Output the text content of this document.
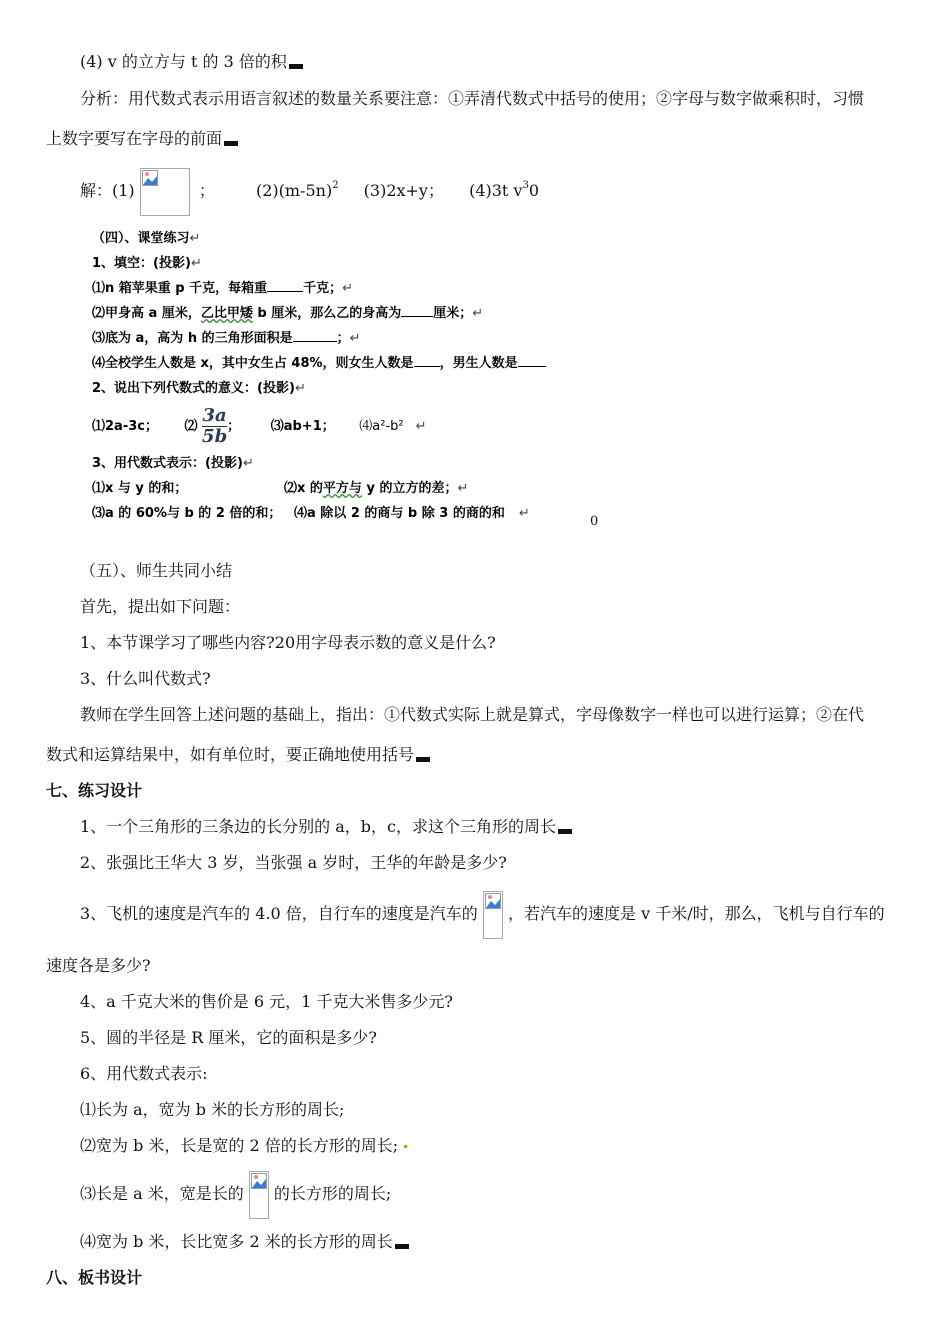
(4) v 的立方与 t 的 3 倍的积
分析：用代数式表示用语言叙述的数量关系要注意：①弄清代数式中括号的使用；②字母与数字做乘积时，习惯
上数字要写在字母的前面
解：(1)	；	$(2)(m-5n)^2$ (3)2x+y； (4)3t $v^30$
（四）、课堂练习↵
1、填空：(投影)↵
⑴n 箱苹果重 p 千克，每箱重	千克；↵
⑵甲身高 a 厘米，乙比甲矮 b 厘米，那么乙的身高为 厘米；↵
⑶底为 a，高为 h 的三角形面积是	；↵
⑷全校学生人数是 x，其中女生占 48%，则女生人数是 ，男生人数是
2、说出下列代数式的意义：(投影)↵
⑴2a-3c； ⑵ $\frac{3a}{5b}$ ； ⑶ab+1； ⑷a²-b² ↵
3、用代数式表示：(投影)↵
⑴x 与 y 的和；	⑵x 的平方与 y 的立方的差；↵
⑶a 的 60%与 b 的 2 倍的和； ⑷a 除以 2 的商与 b 除 3 的商的和 ↵
0
（五）、师生共同小结
首先，提出如下问题：
1、本节课学习了哪些内容?20用字母表示数的意义是什么?
3、什么叫代数式?
教师在学生回答上述问题的基础上，指出：①代数式实际上就是算式，字母像数字一样也可以进行运算；②在代
数式和运算结果中，如有单位时，要正确地使用括号
七、练习设计
1、一个三角形的三条边的长分别的 a，b，c，求这个三角形的周长
2、张强比王华大 3 岁，当张强 a 岁时，王华的年龄是多少?
3、飞机的速度是汽车的 4.0 倍，自行车的速度是汽车的 ，若汽车的速度是 v 千米/时，那么，飞机与自行车的
速度各是多少?
4、a 千克大米的售价是 6 元，1 千克大米售多少元?
5、圆的半径是 R 厘米，它的面积是多少?
6、用代数式表示:
⑴长为 a，宽为 b 米的长方形的周长;
⑵宽为 b 米，长是宽的 2 倍的长方形的周长;
⑶长是 a 米，宽是长的 的长方形的周长;
⑷宽为 b 米，长比宽多 2 米的长方形的周长
八、板书设计
